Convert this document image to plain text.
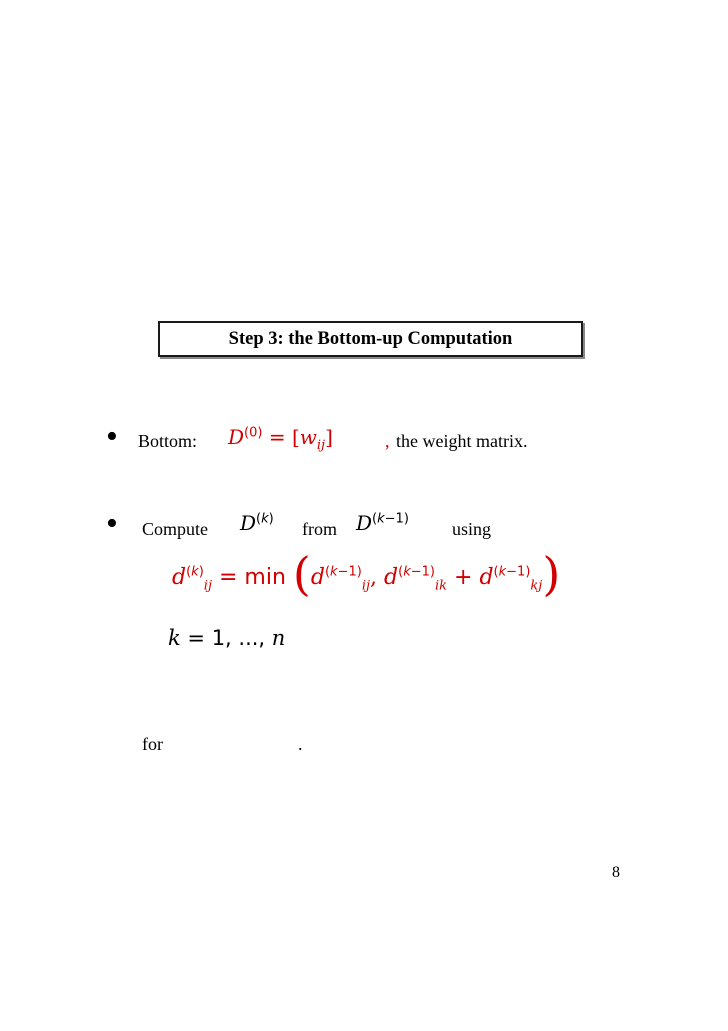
Step 3: the Bottom-up Computation
• Bottom: $D^{(0)} = [w_{ij}]$	, the weight matrix.
• Compute $D^{(k)}$
from $D^{(k-1)}$
using
$d^{(k)}_{ij} = \min (d^{(k-1)}_{ij}$, $d^{(k-1)}_{ik} + d^{(k-1)}_{kj}$)
k = 1, ..., n
for	.
8
